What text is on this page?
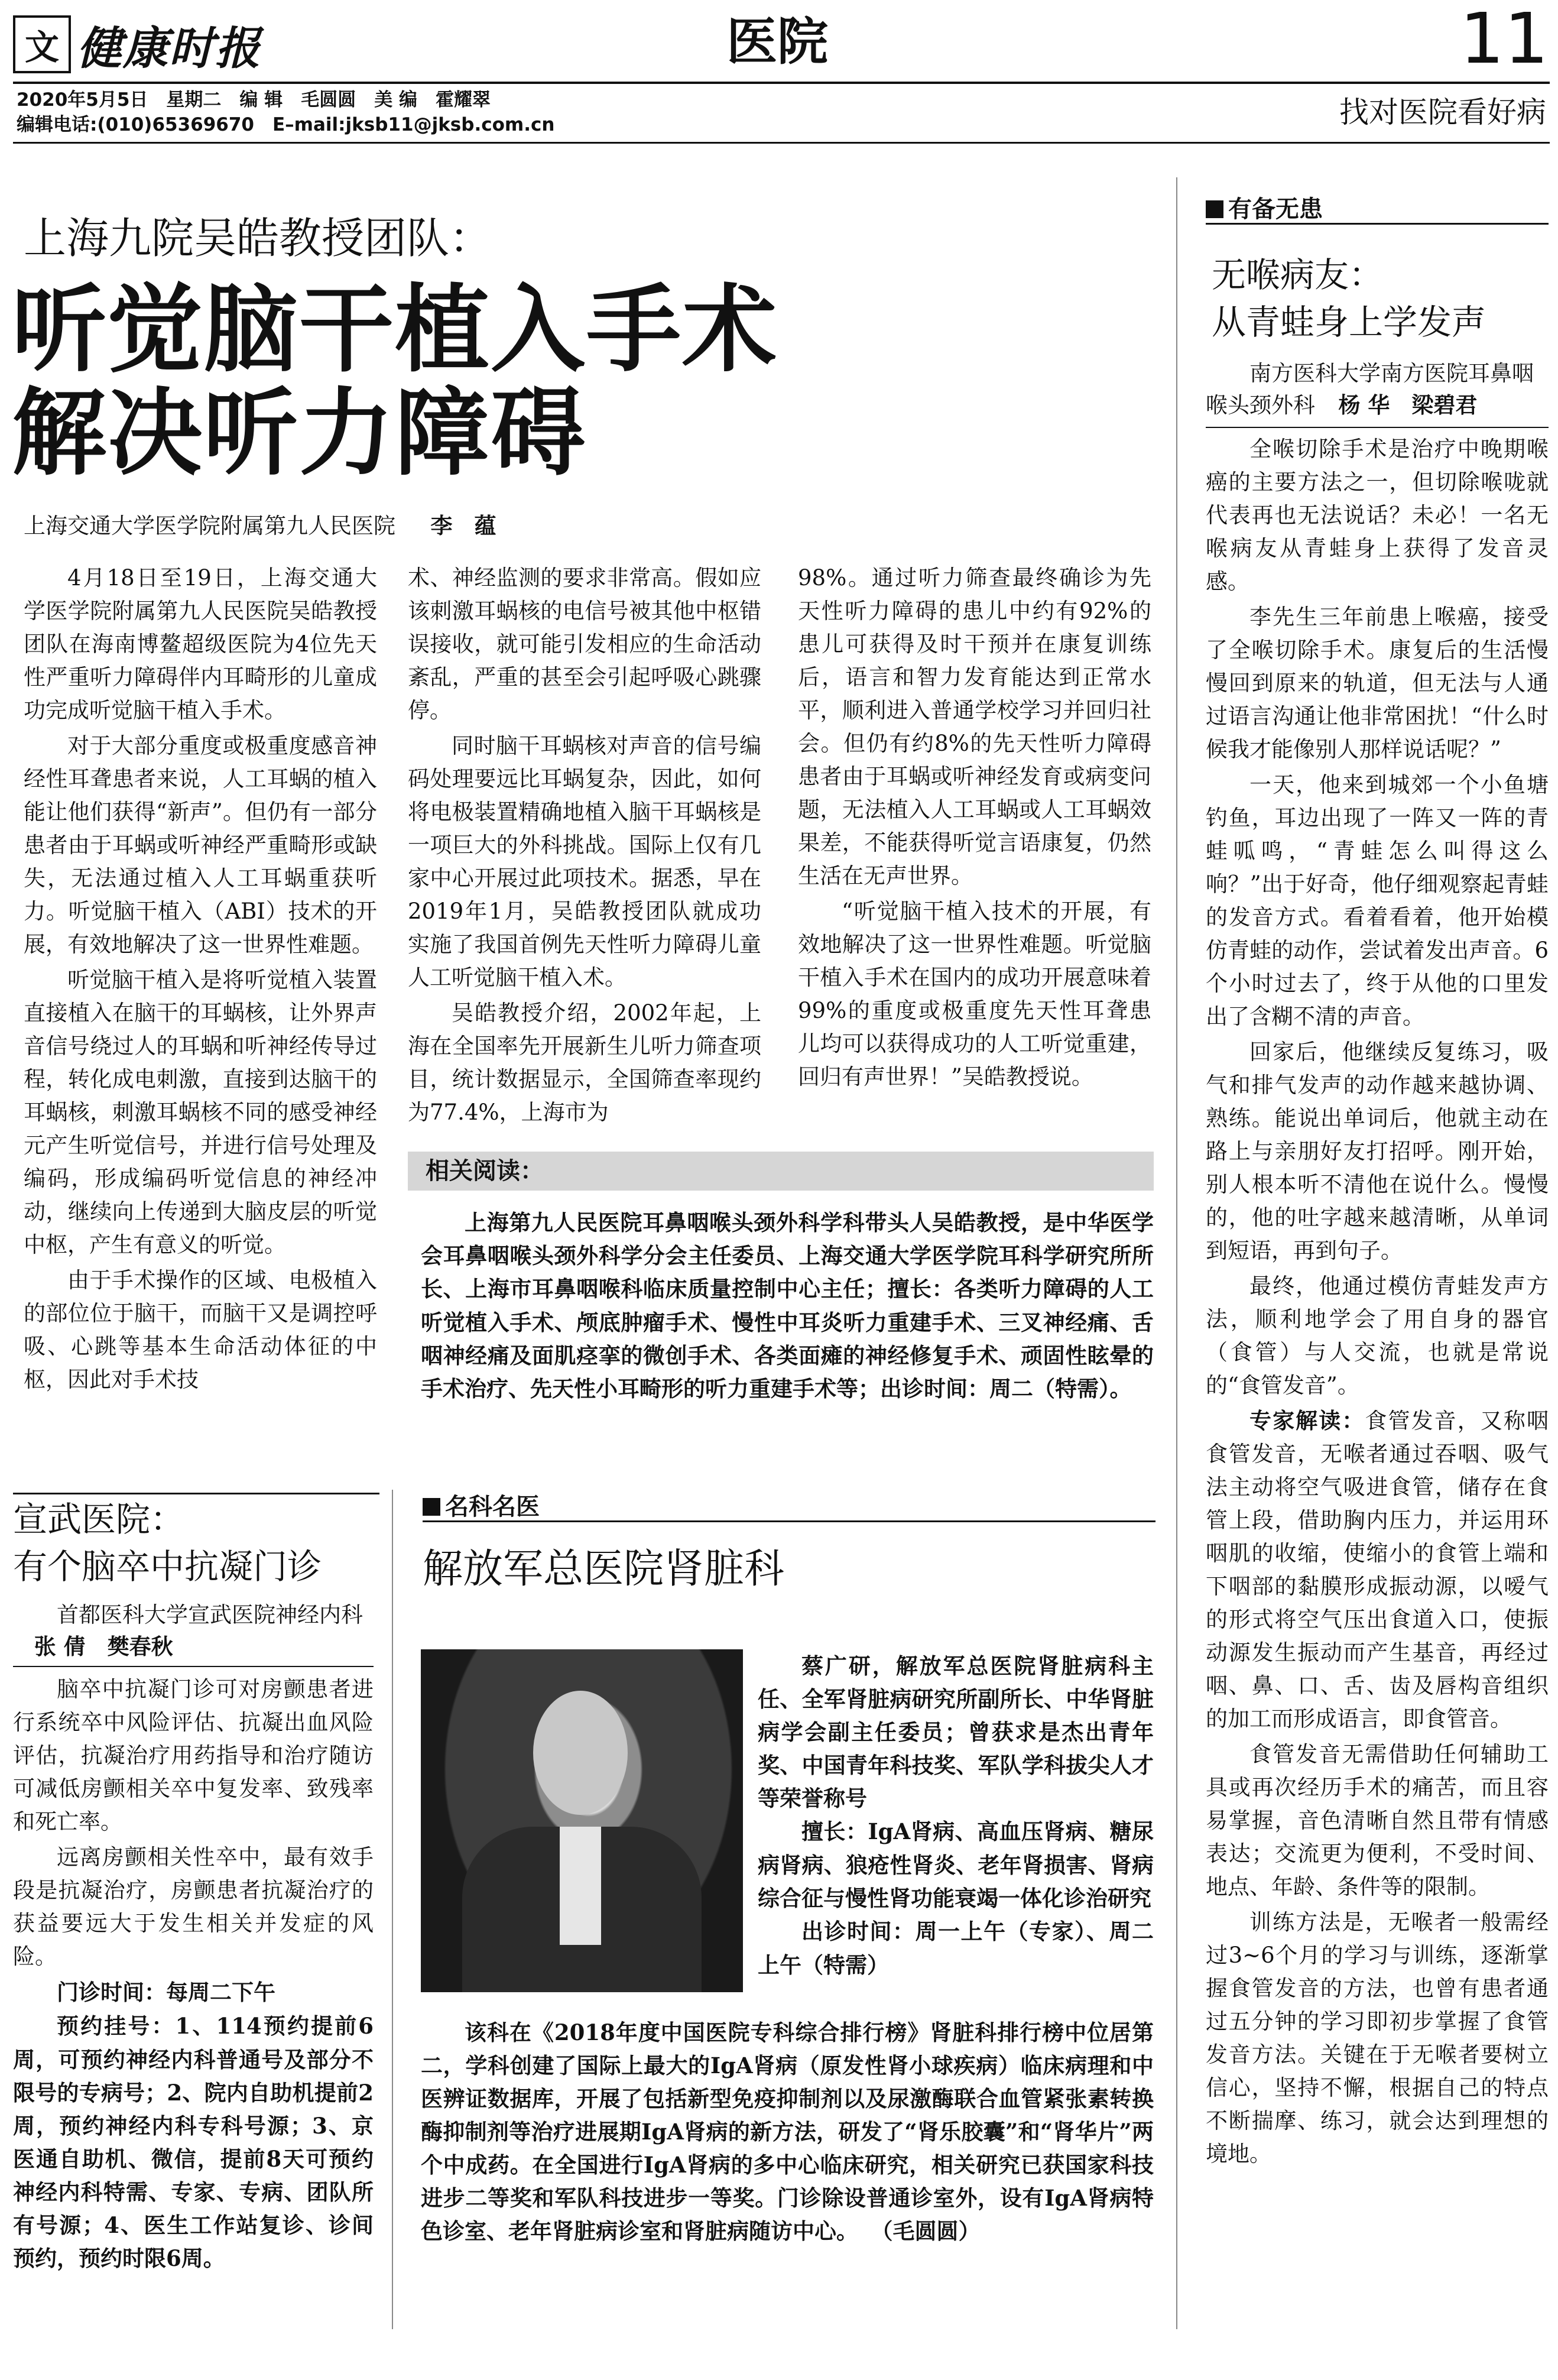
文 健康时报	医院	11
2020年5月5日　星期二　编 辑　毛圆圆　美 编　霍耀翠
编辑电话:(010)65369670　E–mail:jksb11@jksb.com.cn	找对医院看好病
上海九院吴皓教授团队：
听觉脑干植入手术
解决听力障碍
上海交通大学医学院附属第九人民医院 李　蕴

4月18日至19日，上海交通大学医学院附属第九人民医院吴皓教授团队在海南博鳌超级医院为4位先天性严重听力障碍伴内耳畸形的儿童成功完成听觉脑干植入手术。

对于大部分重度或极重度感音神经性耳聋患者来说，人工耳蜗的植入能让他们获得“新声”。但仍有一部分患者由于耳蜗或听神经严重畸形或缺失，无法通过植入人工耳蜗重获听力。听觉脑干植入（ABI）技术的开展，有效地解决了这一世界性难题。

听觉脑干植入是将听觉植入装置直接植入在脑干的耳蜗核，让外界声音信号绕过人的耳蜗和听神经传导过程，转化成电刺激，直接到达脑干的耳蜗核，刺激耳蜗核不同的感受神经元产生听觉信号，并进行信号处理及编码，形成编码听觉信息的神经冲动，继续向上传递到大脑皮层的听觉中枢，产生有意义的听觉。

由于手术操作的区域、电极植入的部位位于脑干，而脑干又是调控呼吸、心跳等基本生命活动体征的中枢，因此对手术技

术、神经监测的要求非常高。假如应该刺激耳蜗核的电信号被其他中枢错误接收，就可能引发相应的生命活动紊乱，严重的甚至会引起呼吸心跳骤停。

同时脑干耳蜗核对声音的信号编码处理要远比耳蜗复杂，因此，如何将电极装置精确地植入脑干耳蜗核是一项巨大的外科挑战。国际上仅有几家中心开展过此项技术。据悉，早在2019年1月，吴皓教授团队就成功实施了我国首例先天性听力障碍儿童人工听觉脑干植入术。

吴皓教授介绍，2002年起，上海在全国率先开展新生儿听力筛查项目，统计数据显示，全国筛查率现约为77.4%，上海市为

98%。通过听力筛查最终确诊为先天性听力障碍的患儿中约有92%的患儿可获得及时干预并在康复训练后，语言和智力发育能达到正常水平，顺利进入普通学校学习并回归社会。但仍有约8%的先天性听力障碍患者由于耳蜗或听神经发育或病变问题，无法植入人工耳蜗或人工耳蜗效果差，不能获得听觉言语康复，仍然生活在无声世界。

“听觉脑干植入技术的开展，有效地解决了这一世界性难题。听觉脑干植入手术在国内的成功开展意味着99%的重度或极重度先天性耳聋患儿均可以获得成功的人工听觉重建，回归有声世界！”吴皓教授说。

相关阅读：

上海第九人民医院耳鼻咽喉头颈外科学科带头人吴皓教授，是中华医学会耳鼻咽喉头颈外科学分会主任委员、上海交通大学医学院耳科学研究所所长、上海市耳鼻咽喉科临床质量控制中心主任；擅长：各类听力障碍的人工听觉植入手术、颅底肿瘤手术、慢性中耳炎听力重建手术、三叉神经痛、舌咽神经痛及面肌痉挛的微创手术、各类面瘫的神经修复手术、顽固性眩晕的手术治疗、先天性小耳畸形的听力重建手术等；出诊时间：周二（特需）。

宣武医院：
有个脑卒中抗凝门诊
首都医科大学宣武医院神经内科  张 倩　樊春秋

脑卒中抗凝门诊可对房颤患者进行系统卒中风险评估、抗凝出血风险评估，抗凝治疗用药指导和治疗随访可减低房颤相关卒中复发率、致残率和死亡率。

远离房颤相关性卒中，最有效手段是抗凝治疗，房颤患者抗凝治疗的获益要远大于发生相关并发症的风险。

门诊时间：每周二下午

预约挂号：1、114预约提前6周，可预约神经内科普通号及部分不限号的专病号；2、院内自助机提前2周，预约神经内科专科号源；3、京医通自助机、微信，提前8天可预约神经内科特需、专家、专病、团队所有号源；4、医生工作站复诊、诊间预约，预约时限6周。

名科名医
解放军总医院肾脏科

蔡广研，解放军总医院肾脏病科主任、全军肾脏病研究所副所长、中华肾脏病学会副主任委员；曾获求是杰出青年奖、中国青年科技奖、军队学科拔尖人才等荣誉称号

擅长：IgA肾病、高血压肾病、糖尿病肾病、狼疮性肾炎、老年肾损害、肾病综合征与慢性肾功能衰竭一体化诊治研究

出诊时间：周一上午（专家）、周二上午（特需）

该科在《2018年度中国医院专科综合排行榜》肾脏科排行榜中位居第二，学科创建了国际上最大的IgA肾病（原发性肾小球疾病）临床病理和中医辨证数据库，开展了包括新型免疫抑制剂以及尿激酶联合血管紧张素转换酶抑制剂等治疗进展期IgA肾病的新方法，研发了“肾乐胶囊”和“肾华片”两个中成药。在全国进行IgA肾病的多中心临床研究，相关研究已获国家科技进步二等奖和军队科技进步一等奖。门诊除设普通诊室外，设有IgA肾病特色诊室、老年肾脏病诊室和肾脏病随访中心。 （毛圆圆）

有备无患
无喉病友：
从青蛙身上学发声
南方医科大学南方医院耳鼻咽喉头颈外科 杨 华　梁碧君

全喉切除手术是治疗中晚期喉癌的主要方法之一，但切除喉咙就代表再也无法说话？未必！一名无喉病友从青蛙身上获得了发音灵感。

李先生三年前患上喉癌，接受了全喉切除手术。康复后的生活慢慢回到原来的轨道，但无法与人通过语言沟通让他非常困扰！“什么时候我才能像别人那样说话呢？”

一天，他来到城郊一个小鱼塘钓鱼，耳边出现了一阵又一阵的青蛙呱鸣，“青蛙怎么叫得这么响？”出于好奇，他仔细观察起青蛙的发音方式。看着看着，他开始模仿青蛙的动作，尝试着发出声音。6个小时过去了，终于从他的口里发出了含糊不清的声音。

回家后，他继续反复练习，吸气和排气发声的动作越来越协调、熟练。能说出单词后，他就主动在路上与亲朋好友打招呼。刚开始，别人根本听不清他在说什么。慢慢的，他的吐字越来越清晰，从单词到短语，再到句子。

最终，他通过模仿青蛙发声方法，顺利地学会了用自身的器官（食管）与人交流，也就是常说的“食管发音”。

专家解读：食管发音，又称咽食管发音，无喉者通过吞咽、吸气法主动将空气吸进食管，储存在食管上段，借助胸内压力，并运用环咽肌的收缩，使缩小的食管上端和下咽部的黏膜形成振动源，以嗳气的形式将空气压出食道入口，使振动源发生振动而产生基音，再经过咽、鼻、口、舌、齿及唇构音组织的加工而形成语言，即食管音。

食管发音无需借助任何辅助工具或再次经历手术的痛苦，而且容易掌握，音色清晰自然且带有情感表达；交流更为便利，不受时间、地点、年龄、条件等的限制。

训练方法是，无喉者一般需经过3~6个月的学习与训练，逐渐掌握食管发音的方法，也曾有患者通过五分钟的学习即初步掌握了食管发音方法。关键在于无喉者要树立信心，坚持不懈，根据自己的特点不断揣摩、练习，就会达到理想的境地。
